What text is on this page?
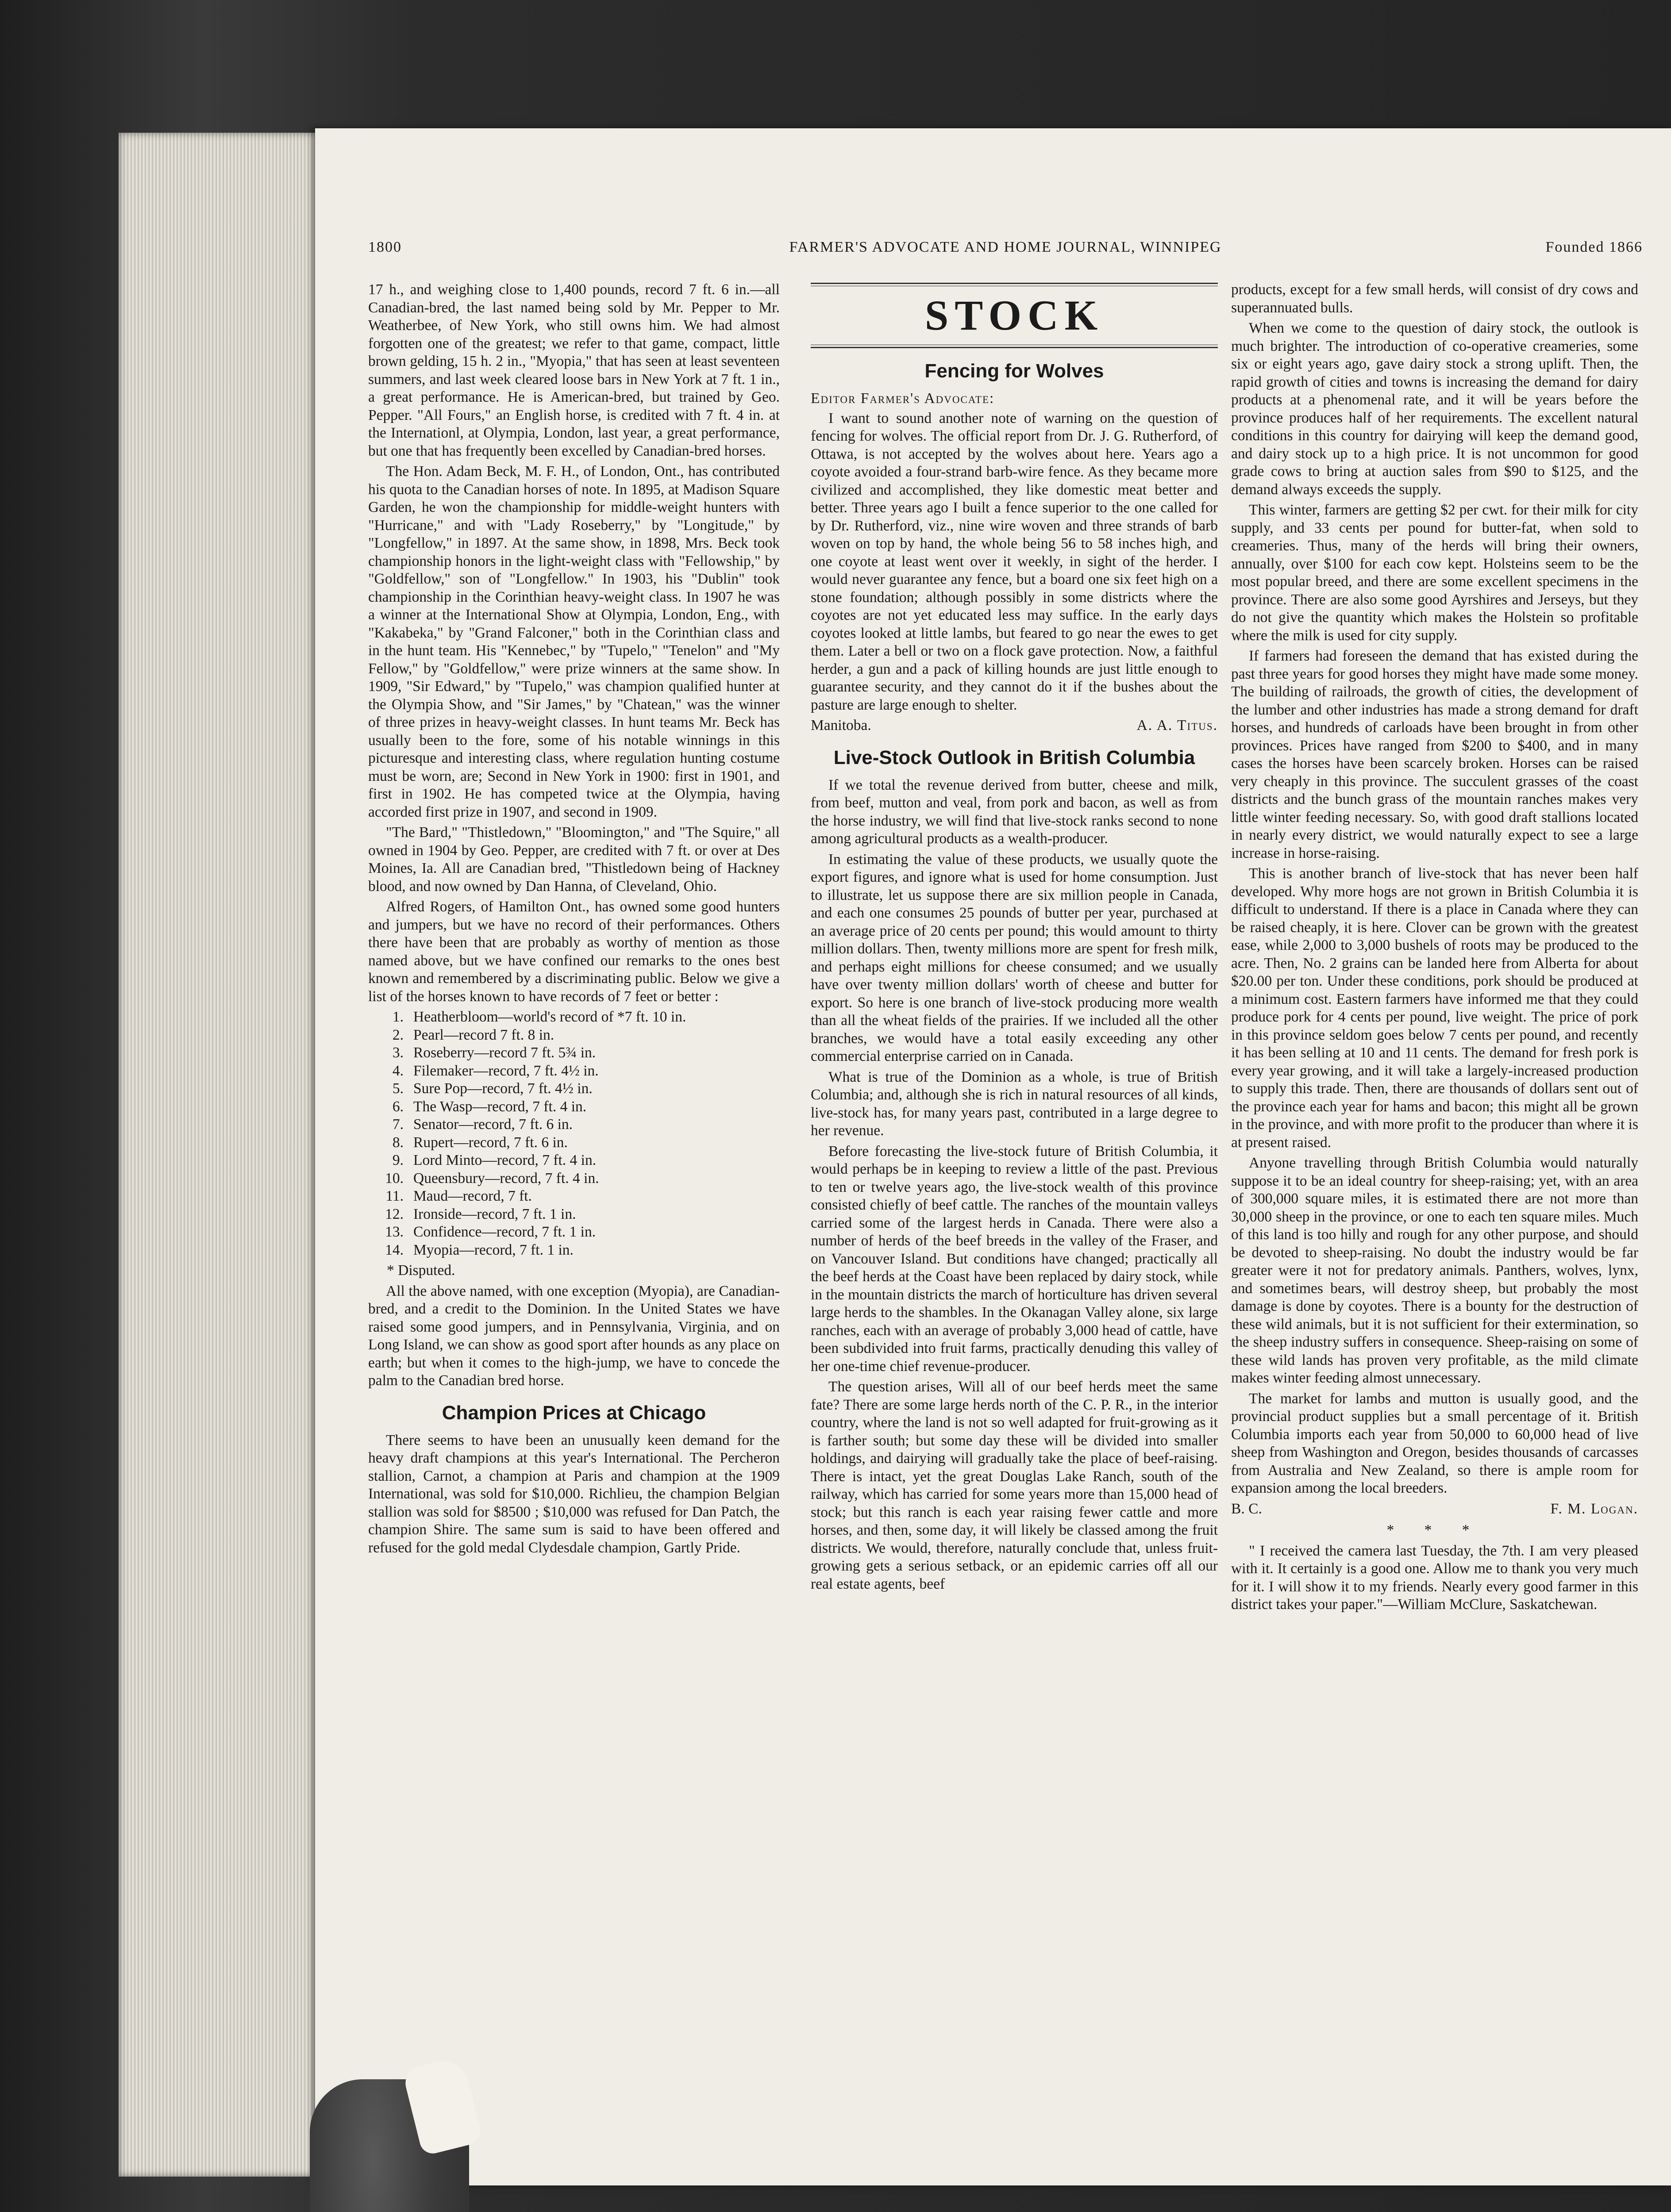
1800	FARMER'S ADVOCATE AND HOME JOURNAL, WINNIPEG	Founded 1866

17 h., and weighing close to 1,400 pounds, record 7 ft. 6 in.—all Canadian-bred, the last named being sold by Mr. Pepper to Mr. Weatherbee, of New York, who still owns him. We had almost forgotten one of the greatest; we refer to that game, compact, little brown gelding, 15 h. 2 in., "Myopia," that has seen at least seventeen summers, and last week cleared loose bars in New York at 7 ft. 1 in., a great performance. He is American-bred, but trained by Geo. Pepper. "All Fours," an English horse, is credited with 7 ft. 4 in. at the Internationl, at Olympia, London, last year, a great performance, but one that has frequently been excelled by Canadian-bred horses.

The Hon. Adam Beck, M. F. H., of London, Ont., has contributed his quota to the Canadian horses of note. In 1895, at Madison Square Garden, he won the championship for middle-weight hunters with "Hurricane," and with "Lady Roseberry," by "Longitude," by "Longfellow," in 1897. At the same show, in 1898, Mrs. Beck took championship honors in the light-weight class with "Fellowship," by "Goldfellow," son of "Longfellow." In 1903, his "Dublin" took championship in the Corinthian heavy-weight class. In 1907 he was a winner at the International Show at Olympia, London, Eng., with "Kakabeka," by "Grand Falconer," both in the Corinthian class and in the hunt team. His "Kennebec," by "Tupelo," "Tenelon" and "My Fellow," by "Goldfellow," were prize winners at the same show. In 1909, "Sir Edward," by "Tupelo," was champion qualified hunter at the Olympia Show, and "Sir James," by "Chatean," was the winner of three prizes in heavy-weight classes. In hunt teams Mr. Beck has usually been to the fore, some of his notable winnings in this picturesque and interesting class, where regulation hunting costume must be worn, are; Second in New York in 1900: first in 1901, and first in 1902. He has competed twice at the Olympia, having accorded first prize in 1907, and second in 1909.

"The Bard," "Thistledown," "Bloomington," and "The Squire," all owned in 1904 by Geo. Pepper, are credited with 7 ft. or over at Des Moines, Ia. All are Canadian bred, "Thistledown being of Hackney blood, and now owned by Dan Hanna, of Cleveland, Ohio.

Alfred Rogers, of Hamilton Ont., has owned some good hunters and jumpers, but we have no record of their performances. Others there have been that are probably as worthy of mention as those named above, but we have confined our remarks to the ones best known and remembered by a discriminating public. Below we give a list of the horses known to have records of 7 feet or better :

1. Heatherbloom—world's record of *7 ft. 10 in.
2. Pearl—record 7 ft. 8 in.
3. Roseberry—record 7 ft. 5¾ in.
4. Filemaker—record, 7 ft. 4½ in.
5. Sure Pop—record, 7 ft. 4½ in.
6. The Wasp—record, 7 ft. 4 in.
7. Senator—record, 7 ft. 6 in.
8. Rupert—record, 7 ft. 6 in.
9. Lord Minto—record, 7 ft. 4 in.
10. Queensbury—record, 7 ft. 4 in.
11. Maud—record, 7 ft.
12. Ironside—record, 7 ft. 1 in.
13. Confidence—record, 7 ft. 1 in.
14. Myopia—record, 7 ft. 1 in.
* Disputed.

All the above named, with one exception (Myopia), are Canadian-bred, and a credit to the Dominion. In the United States we have raised some good jumpers, and in Pennsylvania, Virginia, and on Long Island, we can show as good sport after hounds as any place on earth; but when it comes to the high-jump, we have to concede the palm to the Canadian bred horse.

Champion Prices at Chicago

There seems to have been an unusually keen demand for the heavy draft champions at this year's International. The Percheron stallion, Carnot, a champion at Paris and champion at the 1909 International, was sold for $10,000. Richlieu, the champion Belgian stallion was sold for $8500 ; $10,000 was refused for Dan Patch, the champion Shire. The same sum is said to have been offered and refused for the gold medal Clydesdale champion, Gartly Pride.

STOCK
Fencing for Wolves
Editor Farmer's Advocate:

I want to sound another note of warning on the question of fencing for wolves. The official report from Dr. J. G. Rutherford, of Ottawa, is not accepted by the wolves about here. Years ago a coyote avoided a four-strand barb-wire fence. As they became more civilized and accomplished, they like domestic meat better and better. Three years ago I built a fence superior to the one called for by Dr. Rutherford, viz., nine wire woven and three strands of barb woven on top by hand, the whole being 56 to 58 inches high, and one coyote at least went over it weekly, in sight of the herder. I would never guarantee any fence, but a board one six feet high on a stone foundation; although possibly in some districts where the coyotes are not yet educated less may suffice. In the early days coyotes looked at little lambs, but feared to go near the ewes to get them. Later a bell or two on a flock gave protection. Now, a faithful herder, a gun and a pack of killing hounds are just little enough to guarantee security, and they cannot do it if the bushes about the pasture are large enough to shelter.

Manitoba.	A. A. Titus.
Live-Stock Outlook in British Columbia

If we total the revenue derived from butter, cheese and milk, from beef, mutton and veal, from pork and bacon, as well as from the horse industry, we will find that live-stock ranks second to none among agricultural products as a wealth-producer.

In estimating the value of these products, we usually quote the export figures, and ignore what is used for home consumption. Just to illustrate, let us suppose there are six million people in Canada, and each one consumes 25 pounds of butter per year, purchased at an average price of 20 cents per pound; this would amount to thirty million dollars. Then, twenty millions more are spent for fresh milk, and perhaps eight millions for cheese consumed; and we usually have over twenty million dollars' worth of cheese and butter for export. So here is one branch of live-stock producing more wealth than all the wheat fields of the prairies. If we included all the other branches, we would have a total easily exceeding any other commercial enterprise carried on in Canada.

What is true of the Dominion as a whole, is true of British Columbia; and, although she is rich in natural resources of all kinds, live-stock has, for many years past, contributed in a large degree to her revenue.

Before forecasting the live-stock future of British Columbia, it would perhaps be in keeping to review a little of the past. Previous to ten or twelve years ago, the live-stock wealth of this province consisted chiefly of beef cattle. The ranches of the mountain valleys carried some of the largest herds in Canada. There were also a number of herds of the beef breeds in the valley of the Fraser, and on Vancouver Island. But conditions have changed; practically all the beef herds at the Coast have been replaced by dairy stock, while in the mountain districts the march of horticulture has driven several large herds to the shambles. In the Okanagan Valley alone, six large ranches, each with an average of probably 3,000 head of cattle, have been subdivided into fruit farms, practically denuding this valley of her one-time chief revenue-producer.

The question arises, Will all of our beef herds meet the same fate? There are some large herds north of the C. P. R., in the interior country, where the land is not so well adapted for fruit-growing as it is farther south; but some day these will be divided into smaller holdings, and dairying will gradually take the place of beef-raising. There is intact, yet the great Douglas Lake Ranch, south of the railway, which has carried for some years more than 15,000 head of stock; but this ranch is each year raising fewer cattle and more horses, and then, some day, it will likely be classed among the fruit districts. We would, therefore, naturally conclude that, unless fruit-growing gets a serious setback, or an epidemic carries off all our real estate agents, beef

products, except for a few small herds, will consist of dry cows and superannuated bulls.

When we come to the question of dairy stock, the outlook is much brighter. The introduction of co-operative creameries, some six or eight years ago, gave dairy stock a strong uplift. Then, the rapid growth of cities and towns is increasing the demand for dairy products at a phenomenal rate, and it will be years before the province produces half of her requirements. The excellent natural conditions in this country for dairying will keep the demand good, and dairy stock up to a high price. It is not uncommon for good grade cows to bring at auction sales from $90 to $125, and the demand always exceeds the supply.

This winter, farmers are getting $2 per cwt. for their milk for city supply, and 33 cents per pound for butter-fat, when sold to creameries. Thus, many of the herds will bring their owners, annually, over $100 for each cow kept. Holsteins seem to be the most popular breed, and there are some excellent specimens in the province. There are also some good Ayrshires and Jerseys, but they do not give the quantity which makes the Holstein so profitable where the milk is used for city supply.

If farmers had foreseen the demand that has existed during the past three years for good horses they might have made some money. The building of railroads, the growth of cities, the development of the lumber and other industries has made a strong demand for draft horses, and hundreds of carloads have been brought in from other provinces. Prices have ranged from $200 to $400, and in many cases the horses have been scarcely broken. Horses can be raised very cheaply in this province. The succulent grasses of the coast districts and the bunch grass of the mountain ranches makes very little winter feeding necessary. So, with good draft stallions located in nearly every district, we would naturally expect to see a large increase in horse-raising.

This is another branch of live-stock that has never been half developed. Why more hogs are not grown in British Columbia it is difficult to understand. If there is a place in Canada where they can be raised cheaply, it is here. Clover can be grown with the greatest ease, while 2,000 to 3,000 bushels of roots may be produced to the acre. Then, No. 2 grains can be landed here from Alberta for about $20.00 per ton. Under these conditions, pork should be produced at a minimum cost. Eastern farmers have informed me that they could produce pork for 4 cents per pound, live weight. The price of pork in this province seldom goes below 7 cents per pound, and recently it has been selling at 10 and 11 cents. The demand for fresh pork is every year growing, and it will take a largely-increased production to supply this trade. Then, there are thousands of dollars sent out of the province each year for hams and bacon; this might all be grown in the province, and with more profit to the producer than where it is at present raised.

Anyone travelling through British Columbia would naturally suppose it to be an ideal country for sheep-raising; yet, with an area of 300,000 square miles, it is estimated there are not more than 30,000 sheep in the province, or one to each ten square miles. Much of this land is too hilly and rough for any other purpose, and should be devoted to sheep-raising. No doubt the industry would be far greater were it not for predatory animals. Panthers, wolves, lynx, and sometimes bears, will destroy sheep, but probably the most damage is done by coyotes. There is a bounty for the destruction of these wild animals, but it is not sufficient for their extermination, so the sheep industry suffers in consequence. Sheep-raising on some of these wild lands has proven very profitable, as the mild climate makes winter feeding almost unnecessary.

The market for lambs and mutton is usually good, and the provincial product supplies but a small percentage of it. British Columbia imports each year from 50,000 to 60,000 head of live sheep from Washington and Oregon, besides thousands of carcasses from Australia and New Zealand, so there is ample room for expansion among the local breeders.

B. C.	F. M. Logan.
* * *

" I received the camera last Tuesday, the 7th. I am very pleased with it. It certainly is a good one. Allow me to thank you very much for it. I will show it to my friends. Nearly every good farmer in this district takes your paper."—William McClure, Saskatchewan.
